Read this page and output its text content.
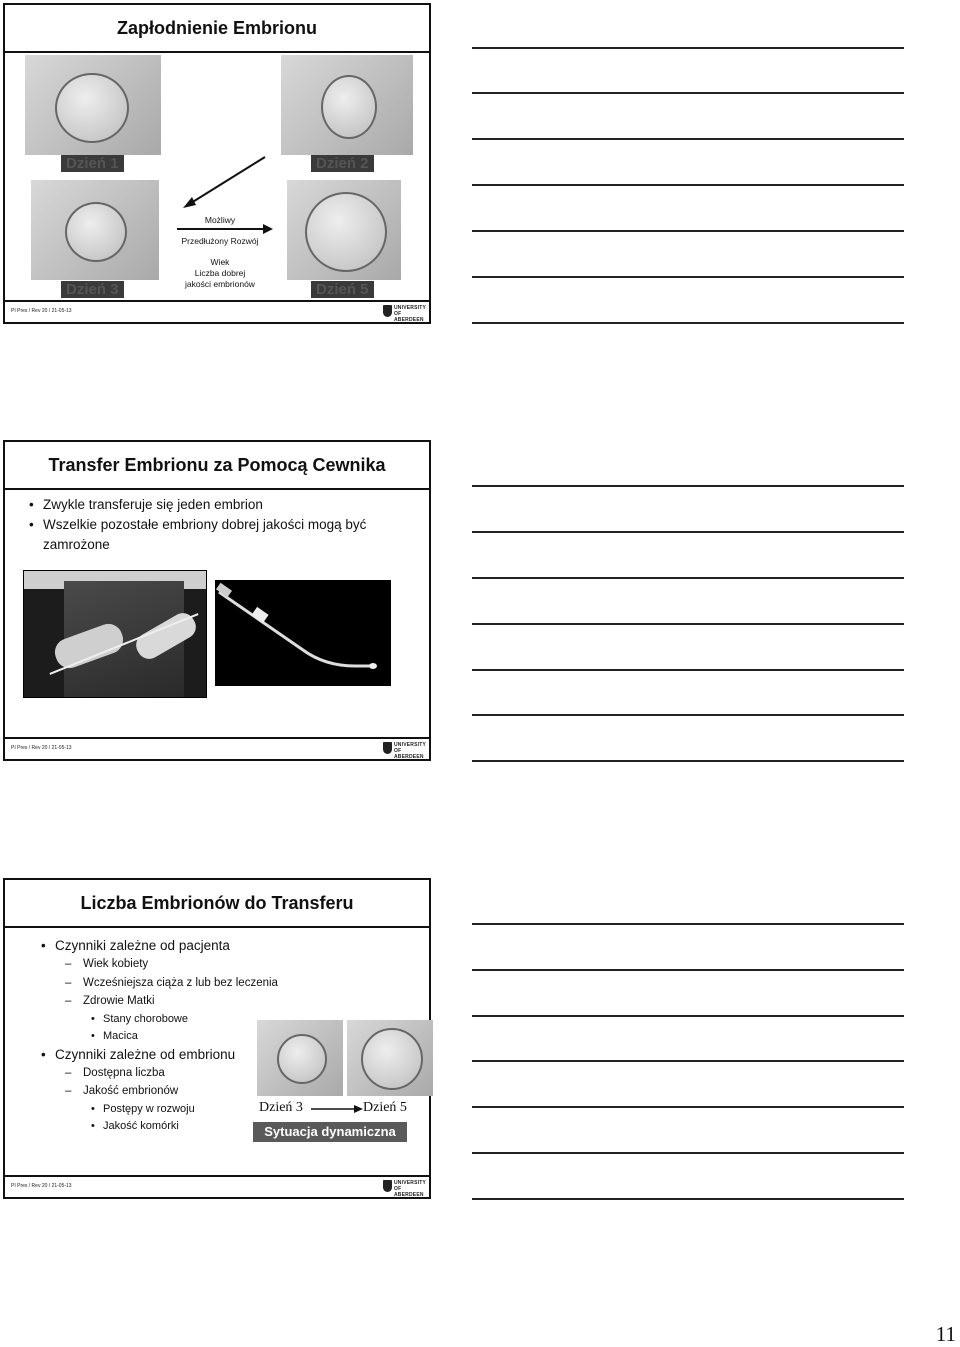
Zapłodnienie Embrionu
Dzień 1	Dzień 2
Dzień 3	Dzień 5
Możliwy
Przedłużony Rozwój
Wiek
Liczba dobrej
jakości embrionów
PI Pres / Rev 20 / 21-05-13	UNIVERSITY
OF ABERDEEN
Transfer Embrionu za Pomocą Cewnika
• Zwykle transferuje się jeden embrion
• Wszelkie pozostałe embriony dobrej jakości mogą być zamrożone
PI Pres / Rev 20 / 21-05-13	UNIVERSITY
OF ABERDEEN
Liczba Embrionów do Transferu
• Czynniki zależne od pacjenta
– Wiek kobiety
– Wcześniejsza ciąża z lub bez leczenia
– Zdrowie Matki
• Stany chorobowe
• Macica
• Czynniki zależne od embrionu
– Dostępna liczba
– Jakość embrionów
• Postępy w rozwoju
• Jakość komórki
Dzień 3	Dzień 5
Sytuacja dynamiczna
PI Pres / Rev 20 / 21-05-13	UNIVERSITY
OF ABERDEEN
11
